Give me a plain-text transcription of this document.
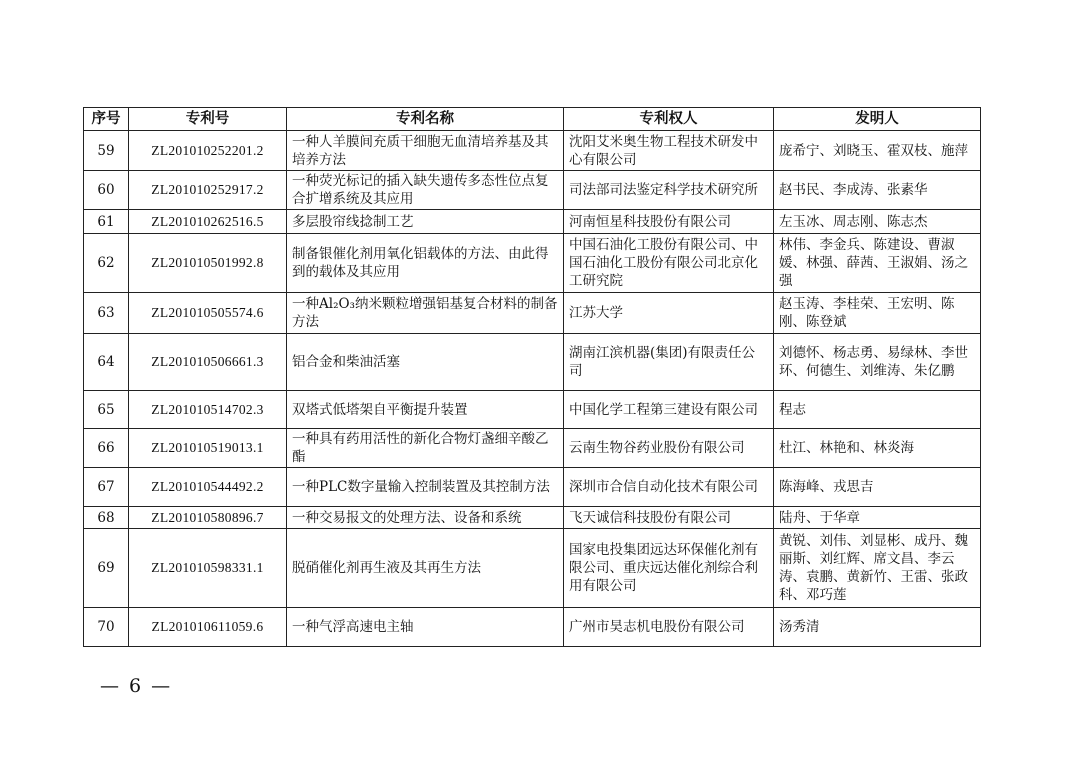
序号	专利号	专利名称	专利权人	发明人
59	ZL201010252201.2	一种人羊膜间充质干细胞无血清培养基及其培养方法	沈阳艾米奥生物工程技术研发中心有限公司	庞希宁、刘晓玉、霍双枝、施萍
60	ZL201010252917.2	一种荧光标记的插入缺失遗传多态性位点复合扩增系统及其应用	司法部司法鉴定科学技术研究所	赵书民、李成涛、张素华
61	ZL201010262516.5	多层股帘线捻制工艺	河南恒星科技股份有限公司	左玉冰、周志刚、陈志杰
62	ZL201010501992.8	制备银催化剂用氧化铝载体的方法、由此得到的载体及其应用	中国石油化工股份有限公司、中国石油化工股份有限公司北京化工研究院	林伟、李金兵、陈建设、曹淑媛、林强、薛茜、王淑娟、汤之强
63	ZL201010505574.6	一种Al₂O₃纳米颗粒增强铝基复合材料的制备方法	江苏大学	赵玉涛、李桂荣、王宏明、陈刚、陈登斌
64	ZL201010506661.3	铝合金和柴油活塞	湖南江滨机器(集团)有限责任公司	刘德怀、杨志勇、易绿林、李世环、何德生、刘维涛、朱亿鹏
65	ZL201010514702.3	双塔式低塔架自平衡提升装置	中国化学工程第三建设有限公司	程志
66	ZL201010519013.1	一种具有药用活性的新化合物灯盏细辛酸乙酯	云南生物谷药业股份有限公司	杜江、林艳和、林炎海
67	ZL201010544492.2	一种PLC数字量输入控制装置及其控制方法	深圳市合信自动化技术有限公司	陈海峰、戎思吉
68	ZL201010580896.7	一种交易报文的处理方法、设备和系统	飞天诚信科技股份有限公司	陆舟、于华章
69	ZL201010598331.1	脱硝催化剂再生液及其再生方法	国家电投集团远达环保催化剂有限公司、重庆远达催化剂综合利用有限公司	黄锐、刘伟、刘显彬、成丹、魏丽斯、刘红辉、席文昌、李云涛、袁鹏、黄新竹、王雷、张政科、邓巧莲
70	ZL201010611059.6	一种气浮高速电主轴	广州市昊志机电股份有限公司	汤秀清
— 6 —
